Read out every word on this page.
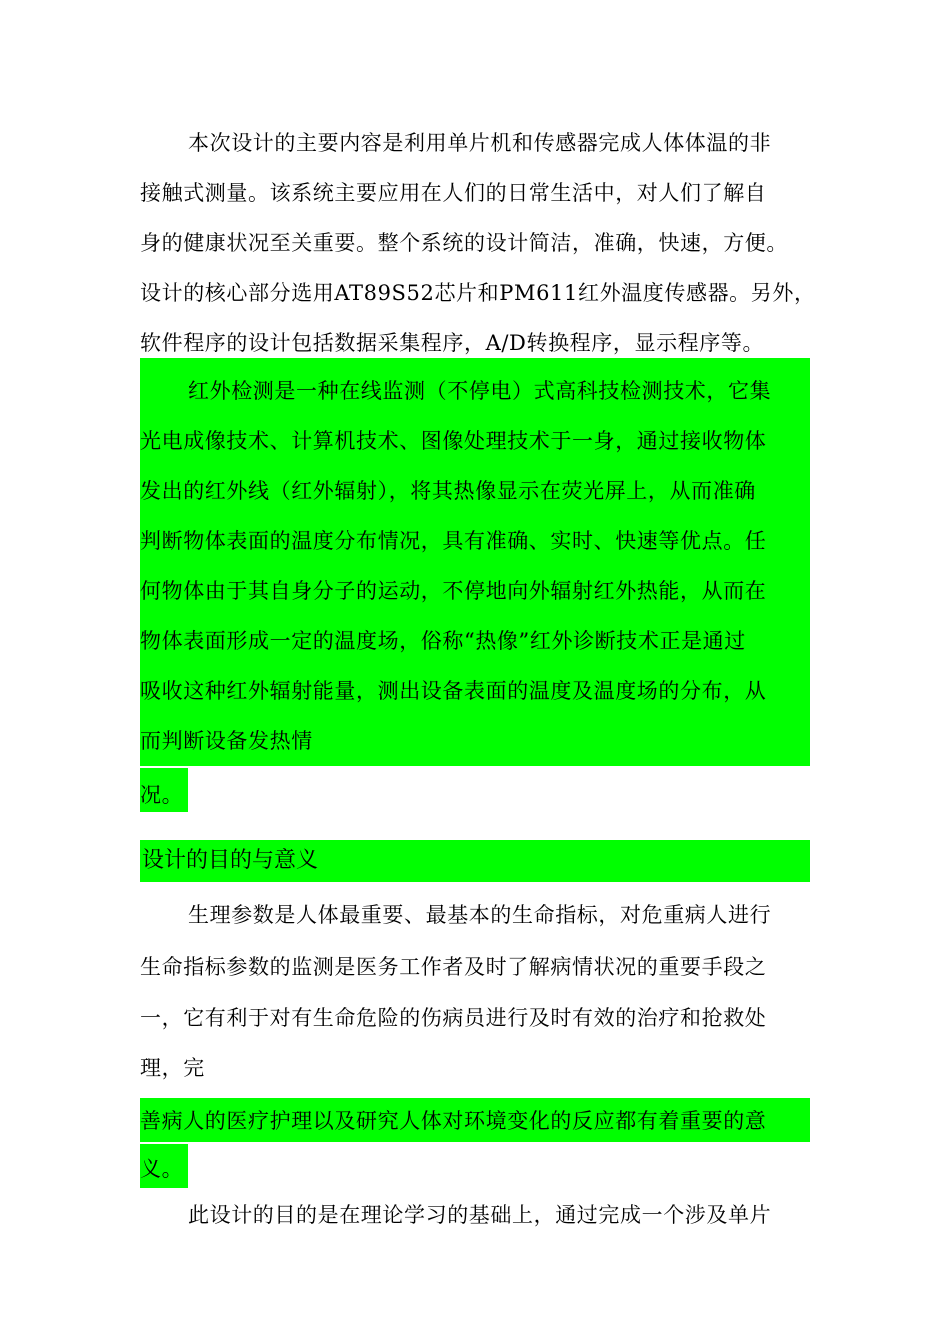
本次设计的主要内容是利用单片机和传感器完成人体体温的非
接触式测量。该系统主要应用在人们的日常生活中，对人们了解自
身的健康状况至关重要。整个系统的设计简洁，准确，快速，方便。
设计的核心部分选用AT89S52芯片和PM611红外温度传感器。另外，
软件程序的设计包括数据采集程序，A/D转换程序，显示程序等。
红外检测是一种在线监测（不停电）式高科技检测技术，它集
光电成像技术、计算机技术、图像处理技术于一身，通过接收物体
发出的红外线（红外辐射），将其热像显示在荧光屏上，从而准确
判断物体表面的温度分布情况，具有准确、实时、快速等优点。任
何物体由于其自身分子的运动，不停地向外辐射红外热能，从而在
物体表面形成一定的温度场，俗称“热像”红外诊断技术正是通过
吸收这种红外辐射能量，测出设备表面的温度及温度场的分布，从
而判断设备发热情
况。
设计的目的与意义
生理参数是人体最重要、最基本的生命指标，对危重病人进行
生命指标参数的监测是医务工作者及时了解病情状况的重要手段之
一，它有利于对有生命危险的伤病员进行及时有效的治疗和抢救处
理，完
善病人的医疗护理以及研究人体对环境变化的反应都有着重要的意
义。
此设计的目的是在理论学习的基础上，通过完成一个涉及单片
